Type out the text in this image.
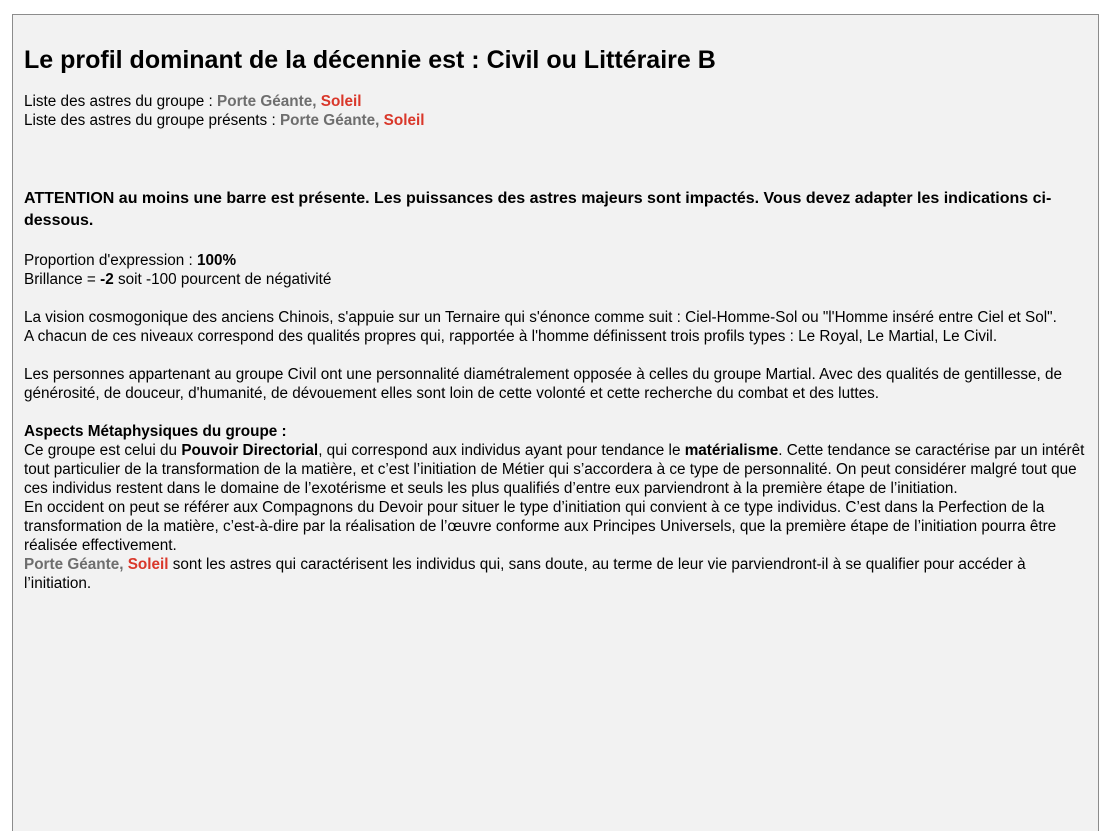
Le profil dominant de la décennie est : Civil ou Littéraire B

Liste des astres du groupe : Porte Géante, Soleil

Liste des astres du groupe présents : Porte Géante, Soleil

ATTENTION au moins une barre est présente. Les puissances des astres majeurs sont impactés. Vous devez adapter les indications ci-dessous.

Proportion d'expression : 100%

Brillance = -2 soit -100 pourcent de négativité

La vision cosmogonique des anciens Chinois, s'appuie sur un Ternaire qui s'énonce comme suit : Ciel-Homme-Sol ou "l'Homme inséré entre Ciel et Sol".

A chacun de ces niveaux correspond des qualités propres qui, rapportée à l'homme définissent trois profils types : Le Royal, Le Martial, Le Civil.

Les personnes appartenant au groupe Civil ont une personnalité diamétralement opposée à celles du groupe Martial. Avec des qualités de gentillesse, de générosité, de douceur, d'humanité, de dévouement elles sont loin de cette volonté et cette recherche du combat et des luttes.

Aspects Métaphysiques du groupe :

Ce groupe est celui du Pouvoir Directorial, qui correspond aux individus ayant pour tendance le matérialisme. Cette tendance se caractérise par un intérêt tout particulier de la transformation de la matière, et c’est l’initiation de Métier qui s’accordera à ce type de personnalité. On peut considérer malgré tout que ces individus restent dans le domaine de l’exotérisme et seuls les plus qualifiés d’entre eux parviendront à la première étape de l’initiation.

En occident on peut se référer aux Compagnons du Devoir pour situer le type d’initiation qui convient à ce type individus. C’est dans la Perfection de la transformation de la matière, c’est-à-dire par la réalisation de l’œuvre conforme aux Principes Universels, que la première étape de l’initiation pourra être réalisée effectivement.

Porte Géante, Soleil sont les astres qui caractérisent les individus qui, sans doute, au terme de leur vie parviendront-il à se qualifier pour accéder à l’initiation.
